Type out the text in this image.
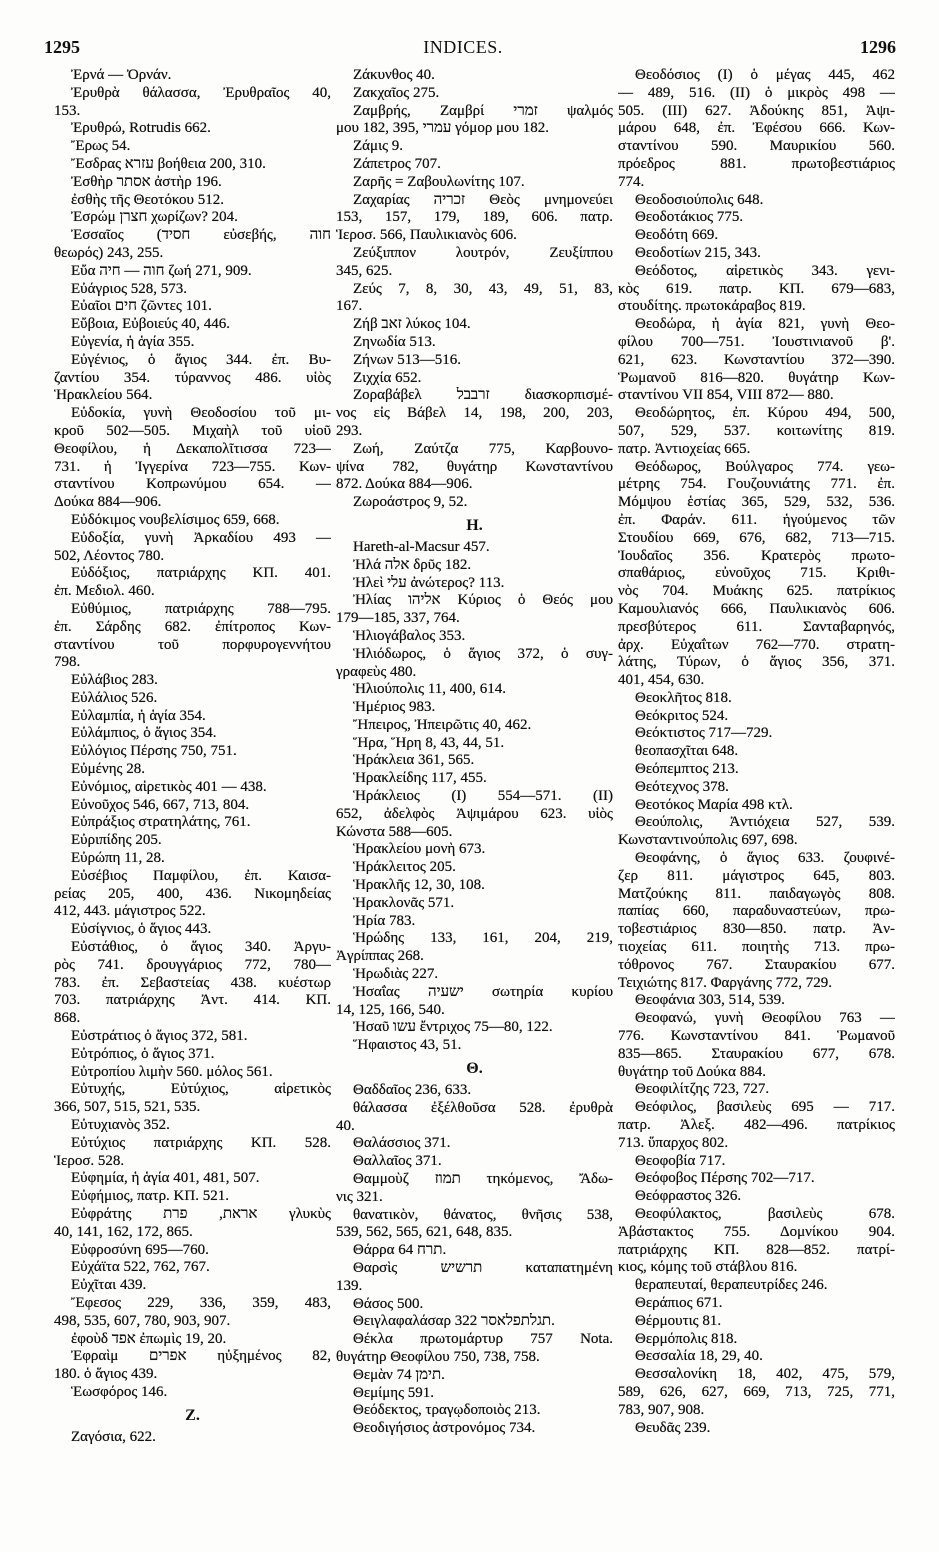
1295	INDICES.	1296
Ἐρνά — Ὀρνάν.
Ἐρυθρὰ θάλασσα, Ἐρυθραῖος 40,
153.
Ἐρυθρώ, Rotrudis 662.
Ἔρως 54.
Ἔσδρας עזרא βοήθεια 200, 310.
Ἐσθὴρ אסתר ἀστὴρ 196.
ἐσθὴς τῆς Θεοτόκου 512.
Ἐσρώμ חצרן χωρίζων? 204.
Ἐσσαῖος (חסיד εὐσεβής, חוה
θεωρός) 243, 255.
Εὔα חוה — חיה ζωή 271, 909.
Εὐάγριος 528, 573.
Εὐαῖοι חים ζῶντες 101.
Εὔβοια, Εὐβοιεύς 40, 446.
Εὐγενία, ἡ ἁγία 355.
Εὐγένιος, ὁ ἅγιος 344. ἐπ. Βυ-
ζαντίου 354. τύραννος 486. υἱὸς
Ἡρακλείου 564.
Εὐδοκία, γυνὴ Θεοδοσίου τοῦ μι-
κροῦ 502—505. Μιχαὴλ τοῦ υἱοῦ
Θεοφίλου, ἡ Δεκαπολῖτισσα 723—
731. ἡ Ἰγγερίνα 723—755. Κων-
σταντίνου Κοπρωνύμου 654. —
Δούκα 884—906.
Εὐδόκιμος νουβελίσιμος 659, 668.
Εὐδοξία, γυνὴ Ἀρκαδίου 493 —
502, Λέοντος 780.
Εὐδόξιος, πατριάρχης ΚΠ. 401.
ἐπ. Μεδιολ. 460.
Εὐθύμιος, πατριάρχης 788—795.
ἐπ. Σάρδης 682. ἐπίτροπος Κων-
σταντίνου τοῦ πορφυρογεννήτου
798.
Εὐλάβιος 283.
Εὐλάλιος 526.
Εὐλαμπία, ἡ ἁγία 354.
Εὐλάμπιος, ὁ ἅγιος 354.
Εὐλόγιος Πέρσης 750, 751.
Εὐμένης 28.
Εὐνόμιος, αἱρετικὸς 401 — 438.
Εὐνοῦχος 546, 667, 713, 804.
Εὐπράξιος στρατηλάτης, 761.
Εὐριπίδης 205.
Εὐρώπη 11, 28.
Εὐσέβιος Παμφίλου, ἐπ. Καισα-
ρείας 205, 400, 436. Νικομηδείας
412, 443. μάγιστρος 522.
Εὐσίγνιος, ὁ ἅγιος 443.
Εὐστάθιος, ὁ ἅγιος 340. Ἀργυ-
ρὸς 741. δρουγγάριος 772, 780—
783. ἐπ. Σεβαστείας 438. κυέστωρ
703. πατριάρχης Ἀντ. 414. ΚΠ.
868.
Εὐστράτιος ὁ ἅγιος 372, 581.
Εὐτρόπιος, ὁ ἅγιος 371.
Εὐτροπίου λιμὴν 560. μόλος 561.
Εὐτυχής, Εὐτύχιος, αἱρετικὸς
366, 507, 515, 521, 535.
Εὐτυχιανὸς 352.
Εὐτύχιος πατριάρχης ΚΠ. 528.
Ἱεροσ. 528.
Εὐφημία, ἡ ἁγία 401, 481, 507.
Εὐφήμιος, πατρ. ΚΠ. 521.
Εὐφράτης אראת, פרת γλυκὺς
40, 141, 162, 172, 865.
Εὐφροσύνη 695—760.
Εὐχάϊτα 522, 762, 767.
Εὐχῖται 439.
Ἔφεσος 229, 336, 359, 483,
498, 535, 607, 780, 903, 907.
ἐφοὺδ אפד ἐπωμὶς 19, 20.
Ἐφραὶμ אפרים ηὐξημένος 82,
180. ὁ ἅγιος 439.
Ἑωσφόρος 146.
Z.
Ζαγόσια, 622.
Ζάκυνθος 40.
Ζακχαῖος 275.
Ζαμβρής, Ζαμβρί זמרי ψαλμός
μου 182, 395, עמרי γόμορ μου 182.
Ζάμις 9.
Ζάπετρος 707.
Ζαρῆς = Ζαβουλωνίτης 107.
Ζαχαρίας זכריה Θεὸς μνημονεύει
153, 157, 179, 189, 606. πατρ.
Ἱεροσ. 566, Παυλικιανὸς 606.
Ζεύξιππον λουτρόν, Ζευξίππου
345, 625.
Ζεύς 7, 8, 30, 43, 49, 51, 83,
167.
Ζήβ זאב λύκος 104.
Ζηνωδία 513.
Ζήνων 513—516.
Ζιχχία 652.
Ζοραβάβελ זרבבל διασκορπισμέ-
νος εἰς Βάβελ 14, 198, 200, 203,
293.
Ζωή, Ζαύτζα 775, Καρβουνο-
ψίνα 782, θυγάτηρ Κωνσταντίνου
872. Δούκα 884—906.
Ζωροάστρος 9, 52.
H.
Hareth-al-Macsur 457.
Ἠλά אלה δρῦς 182.
Ἠλεὶ עלי ἀνώτερος? 113.
Ἠλίας אליהו Κύριος ὁ Θεός μου
179—185, 337, 764.
Ἡλιογάβαλος 353.
Ἡλιόδωρος, ὁ ἅγιος 372, ὁ συγ-
γραφεὺς 480.
Ἡλιούπολις 11, 400, 614.
Ἡμέριος 983.
Ἤπειρος, Ἠπειρῶτις 40, 462.
Ἥρα, Ἥρη 8, 43, 44, 51.
Ἡράκλεια 361, 565.
Ἡρακλείδης 117, 455.
Ἡράκλειος (I) 554—571. (II)
652, ἀδελφὸς Ἀψιμάρου 623. υἱὸς
Κώνστα 588—605.
Ἡρακλείου μονὴ 673.
Ἡράκλειτος 205.
Ἡρακλῆς 12, 30, 108.
Ἡρακλονᾶς 571.
Ἠρία 783.
Ἡρώδης 133, 161, 204, 219,
Ἀγρίππας 268.
Ἡρωδιὰς 227.
Ἠσαΐας ישעיה σωτηρία κυρίου
14, 125, 166, 540.
Ἠσαῦ עשו ἔντριχος 75—80, 122.
Ἥφαιστος 43, 51.
Θ.
Θαδδαῖος 236, 633.
θάλασσα ἐξέλθοῦσα 528. ἐρυθρὰ
40.
Θαλάσσιος 371.
Θαλλαῖος 371.
Θαμμοὺζ תמוז τηκόμενος, Ἄδω-
νις 321.
θανατικὸν, θάνατος, θνῆσις 538,
539, 562, 565, 621, 648, 835.
Θάρρα תרח 64.
Θαρσὶς תרשיש καταπατημένη
139.
Θάσος 500.
Θειγλαφαλάσαρ תגלתפלאסר 322.
Θέκλα πρωτομάρτυρ 757 Nota.
θυγάτηρ Θεοφίλου 750, 738, 758.
Θεμὰν תימן 74.
Θεμίμης 591.
Θεόδεκτος, τραγῳδοποιὸς 213.
Θεοδιγήσιος ἀστρονόμος 734.
Θεοδόσιος (I) ὁ μέγας 445, 462
— 489, 516. (II) ὁ μικρὸς 498 —
505. (III) 627. Ἀδούκης 851, Ἀψι-
μάρου 648, ἐπ. Ἐφέσου 666. Κων-
σταντίνου 590. Μαυρικίου 560.
πρόεδρος 881. πρωτοβεστιάριος
774.
Θεοδοσιούπολις 648.
Θεοδοτάκιος 775.
Θεοδότη 669.
Θεοδοτίων 215, 343.
Θεόδοτος, αἱρετικὸς 343. γενι-
κὸς 619. πατρ. ΚΠ. 679—683,
στουδίτης. πρωτοκάραβος 819.
Θεοδώρα, ἡ ἁγία 821, γυνὴ Θεο-
φίλου 700—751. Ἰουστινιανοῦ β'.
621, 623. Κωνσταντίου 372—390.
Ῥωμανοῦ 816—820. θυγάτηρ Κων-
σταντίνου VII 854, VIII 872— 880.
Θεοδώρητος, ἐπ. Κύρου 494, 500,
507, 529, 537. κοιτωνίτης 819.
πατρ. Ἀντιοχείας 665.
Θεόδωρος, Βούλγαρος 774. γεω-
μέτρης 754. Γουζουνιάτης 771. ἐπ.
Μόμψου ἑστίας 365, 529, 532, 536.
ἐπ. Φαράν. 611. ἡγούμενος τῶν
Στουδίου 669, 676, 682, 713—715.
Ἰουδαῖος 356. Κρατερὸς πρωτο-
σπαθάριος, εὐνοῦχος 715. Κριθι-
νὸς 704. Μυάκης 625. πατρίκιος
Καμουλιανός 666, Παυλικιανὸς 606.
πρεσβύτερος 611. Σανταβαρηνός,
ἀρχ. Εὐχαΐτων 762—770. στρατη-
λάτης, Τύρων, ὁ ἅγιος 356, 371.
401, 454, 630.
Θεοκλῆτος 818.
Θεόκριτος 524.
Θεόκτιστος 717—729.
θεοπασχῖται 648.
Θεόπεμπτος 213.
Θεότεχνος 378.
Θεοτόκος Μαρία 498 κτλ.
Θεούπολις, Ἀντιόχεια 527, 539.
Κωνσταντινούπολις 697, 698.
Θεοφάνης, ὁ ἅγιος 633. ζουφινέ-
ζερ 811. μάγιστρος 645, 803.
Ματζούκης 811. παιδαγωγὸς 808.
παπίας 660, παραδυναστεύων, πρω-
τοβεστιάριος 830—850. πατρ. Ἀν-
τιοχείας 611. ποιητὴς 713. πρω-
τόθρονος 767. Σταυρακίου 677.
Τειχιώτης 817. Φαργάνης 772, 729.
Θεοφάνια 303, 514, 539.
Θεοφανώ, γυνὴ Θεοφίλου 763 —
776. Κωνσταντίνου 841. Ῥωμανοῦ
835—865. Σταυρακίου 677, 678.
θυγάτηρ τοῦ Δούκα 884.
Θεοφιλίτζης 723, 727.
Θεόφιλος, βασιλεὺς 695 — 717.
πατρ. Ἀλεξ. 482—496. πατρίκιος
713. ὕπαρχος 802.
Θεοφοβία 717.
Θεόφοβος Πέρσης 702—717.
Θεόφραστος 326.
Θεοφύλακτος, βασιλεὺς 678.
Ἀβάστακτος 755. Δομνίκου 904.
πατριάρχης ΚΠ. 828—852. πατρί-
κιος, κόμης τοῦ στάβλου 816.
θεραπευταί, θεραπευτρίδες 246.
Θεράπιος 671.
Θέρμουτις 81.
Θερμόπολις 818.
Θεσσαλία 18, 29, 40.
Θεσσαλονίκη 18, 402, 475, 579,
589, 626, 627, 669, 713, 725, 771,
783, 907, 908.
Θευδᾶς 239.
